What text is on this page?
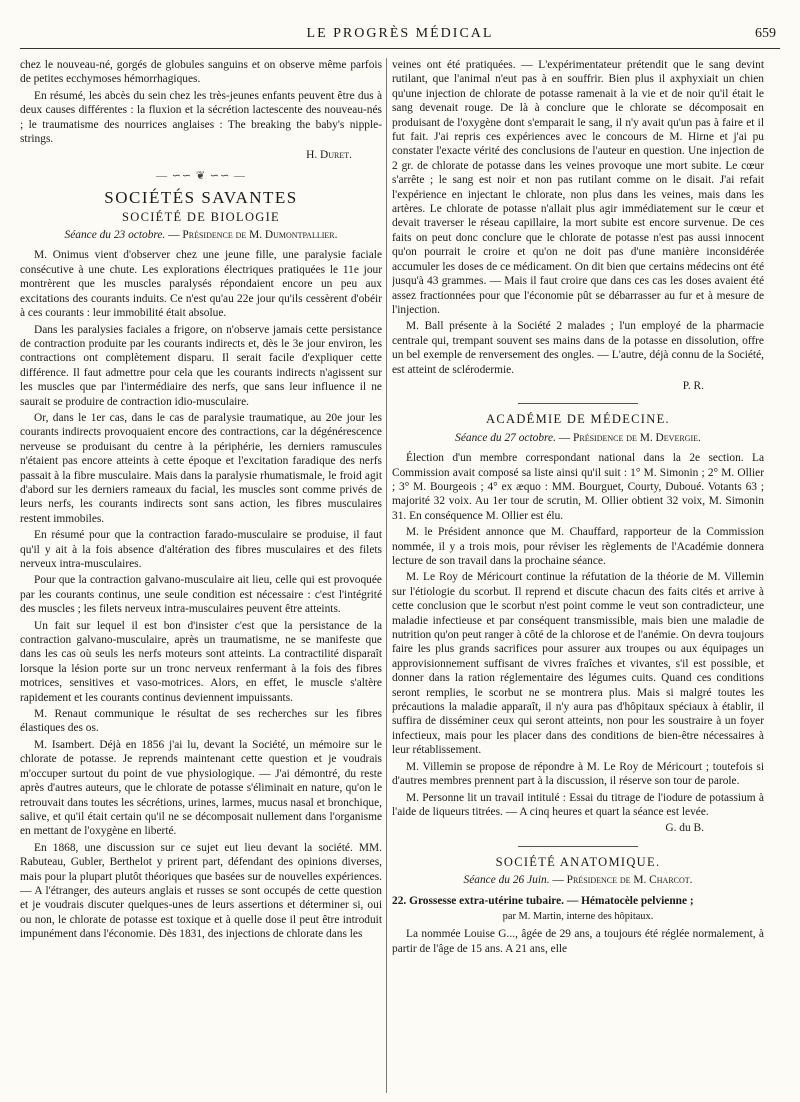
LE PROGRÈS MÉDICAL	659

chez le nouveau-né, gorgés de globules sanguins et on observe même parfois de petites ecchymoses hémorrhagiques.

En résumé, les abcès du sein chez les très-jeunes enfants peuvent être dus à deux causes différentes : la fluxion et la sécrétion lactescente des nouveau-nés ; le traumatisme des nourrices anglaises : The breaking the baby's nipple-strings.

H. Duret.
— ∽∽ ❦ ∽∽ —
SOCIÉTÉS SAVANTES
SOCIÉTÉ DE BIOLOGIE
Séance du 23 octobre. — Présidence de M. Dumontpallier.

M. Onimus vient d'observer chez une jeune fille, une paralysie faciale consécutive à une chute. Les explorations électriques pratiquées le 11e jour montrèrent que les muscles paralysés répondaient encore un peu aux excitations des courants induits. Ce n'est qu'au 22e jour qu'ils cessèrent d'obéir à ces courants : leur immobilité était absolue.

Dans les paralysies faciales a frigore, on n'observe jamais cette persistance de contraction produite par les courants indirects et, dès le 3e jour environ, les contractions ont complètement disparu. Il serait facile d'expliquer cette différence. Il faut admettre pour cela que les courants indirects n'agissent sur les muscles que par l'intermédiaire des nerfs, que sans leur influence il ne saurait se produire de contraction idio-musculaire.

Or, dans le 1er cas, dans le cas de paralysie traumatique, au 20e jour les courants indirects provoquaient encore des contractions, car la dégénérescence nerveuse se produisant du centre à la périphérie, les derniers ramuscules n'étaient pas encore atteints à cette époque et l'excitation faradique des nerfs passait à la fibre musculaire. Mais dans la paralysie rhumatismale, le froid agit d'abord sur les derniers rameaux du facial, les muscles sont comme privés de leurs nerfs, les courants indirects sont sans action, les fibres musculaires restent immobiles.

En résumé pour que la contraction farado-musculaire se produise, il faut qu'il y ait à la fois absence d'altération des fibres musculaires et des filets nerveux intra-musculaires.

Pour que la contraction galvano-musculaire ait lieu, celle qui est provoquée par les courants continus, une seule condition est nécessaire : c'est l'intégrité des muscles ; les filets nerveux intra-musculaires peuvent être atteints.

Un fait sur lequel il est bon d'insister c'est que la persistance de la contraction galvano-musculaire, après un traumatisme, ne se manifeste que dans les cas où seuls les nerfs moteurs sont atteints. La contractilité disparaît lorsque la lésion porte sur un tronc nerveux renfermant à la fois des fibres motrices, sensitives et vaso-motrices. Alors, en effet, le muscle s'altère rapidement et les courants continus deviennent impuissants.

M. Renaut communique le résultat de ses recherches sur les fibres élastiques des os.

M. Isambert. Déjà en 1856 j'ai lu, devant la Société, un mémoire sur le chlorate de potasse. Je reprends maintenant cette question et je voudrais m'occuper surtout du point de vue physiologique. — J'ai démontré, du reste après d'autres auteurs, que le chlorate de potasse s'éliminait en nature, qu'on le retrouvait dans toutes les sécrétions, urines, larmes, mucus nasal et bronchique, salive, et qu'il était certain qu'il ne se décomposait nullement dans l'organisme en mettant de l'oxygène en liberté.

En 1868, une discussion sur ce sujet eut lieu devant la société. MM. Rabuteau, Gubler, Berthelot y prirent part, défendant des opinions diverses, mais pour la plupart plutôt théoriques que basées sur de nouvelles expériences. — A l'étranger, des auteurs anglais et russes se sont occupés de cette question et je voudrais discuter quelques-unes de leurs assertions et déterminer si, oui ou non, le chlorate de potasse est toxique et à quelle dose il peut être introduit impunément dans l'économie. Dès 1831, des injections de chlorate dans les

veines ont été pratiquées. — L'expérimentateur prétendit que le sang devint rutilant, que l'animal n'eut pas à en souffrir. Bien plus il axphyxiait un chien qu'une injection de chlorate de potasse ramenait à la vie et de noir qu'il était le sang devenait rouge. De là à conclure que le chlorate se décomposait en produisant de l'oxygène dont s'emparait le sang, il n'y avait qu'un pas à faire et il fut fait. J'ai repris ces expériences avec le concours de M. Hirne et j'ai pu constater l'exacte vérité des conclusions de l'auteur en question. Une injection de 2 gr. de chlorate de potasse dans les veines provoque une mort subite. Le cœur s'arrête ; le sang est noir et non pas rutilant comme on le disait. J'ai refait l'expérience en injectant le chlorate, non plus dans les veines, mais dans les artères. Le chlorate de potasse n'allait plus agir immédiatement sur le cœur et devait traverser le réseau capillaire, la mort subite est encore survenue. De ces faits on peut donc conclure que le chlorate de potasse n'est pas aussi innocent qu'on pourrait le croire et qu'on ne doit pas d'une manière inconsidérée accumuler les doses de ce médicament. On dit bien que certains médecins ont été jusqu'à 43 grammes. — Mais il faut croire que dans ces cas les doses avaient été assez fractionnées pour que l'économie pût se débarrasser au fur et à mesure de l'injection.

M. Ball présente à la Société 2 malades ; l'un employé de la pharmacie centrale qui, trempant souvent ses mains dans de la potasse en dissolution, offre un bel exemple de renversement des ongles. — L'autre, déjà connu de la Société, est atteint de sclérodermie.

P. R.
ACADÉMIE DE MÉDECINE.
Séance du 27 octobre. — Présidence de M. Devergie.

Élection d'un membre correspondant national dans la 2e section. La Commission avait composé sa liste ainsi qu'il suit : 1° M. Simonin ; 2° M. Ollier ; 3° M. Bourgeois ; 4° ex æquo : MM. Bourguet, Courty, Duboué. Votants 63 ; majorité 32 voix. Au 1er tour de scrutin, M. Ollier obtient 32 voix, M. Simonin 31. En conséquence M. Ollier est élu.

M. le Président annonce que M. Chauffard, rapporteur de la Commission nommée, il y a trois mois, pour réviser les règlements de l'Académie donnera lecture de son travail dans la prochaine séance.

M. Le Roy de Méricourt continue la réfutation de la théorie de M. Villemin sur l'étiologie du scorbut. Il reprend et discute chacun des faits cités et arrive à cette conclusion que le scorbut n'est point comme le veut son contradicteur, une maladie infectieuse et par conséquent transmissible, mais bien une maladie de nutrition qu'on peut ranger à côté de la chlorose et de l'anémie. On devra toujours faire les plus grands sacrifices pour assurer aux troupes ou aux équipages un approvisionnement suffisant de vivres fraîches et vivantes, s'il est possible, et donner dans la ration réglementaire des légumes cuits. Quand ces conditions seront remplies, le scorbut ne se montrera plus. Mais si malgré toutes les précautions la maladie apparaît, il n'y aura pas d'hôpitaux spéciaux à établir, il suffira de disséminer ceux qui seront atteints, non pour les soustraire à un foyer infectieux, mais pour les placer dans des conditions de bien-être nécessaires à leur rétablissement.

M. Villemin se propose de répondre à M. Le Roy de Méricourt ; toutefois si d'autres membres prennent part à la discussion, il réserve son tour de parole.

M. Personne lit un travail intitulé : Essai du titrage de l'iodure de potassium à l'aide de liqueurs titrées. — A cinq heures et quart la séance est levée.

G. du B.
SOCIÉTÉ ANATOMIQUE.
Séance du 26 Juin. — Présidence de M. Charcot.

22. Grossesse extra-utérine tubaire. — Hématocèle pelvienne ;

par M. Martin, interne des hôpitaux.

La nommée Louise G..., âgée de 29 ans, a toujours été réglée normalement, à partir de l'âge de 15 ans. A 21 ans, elle
